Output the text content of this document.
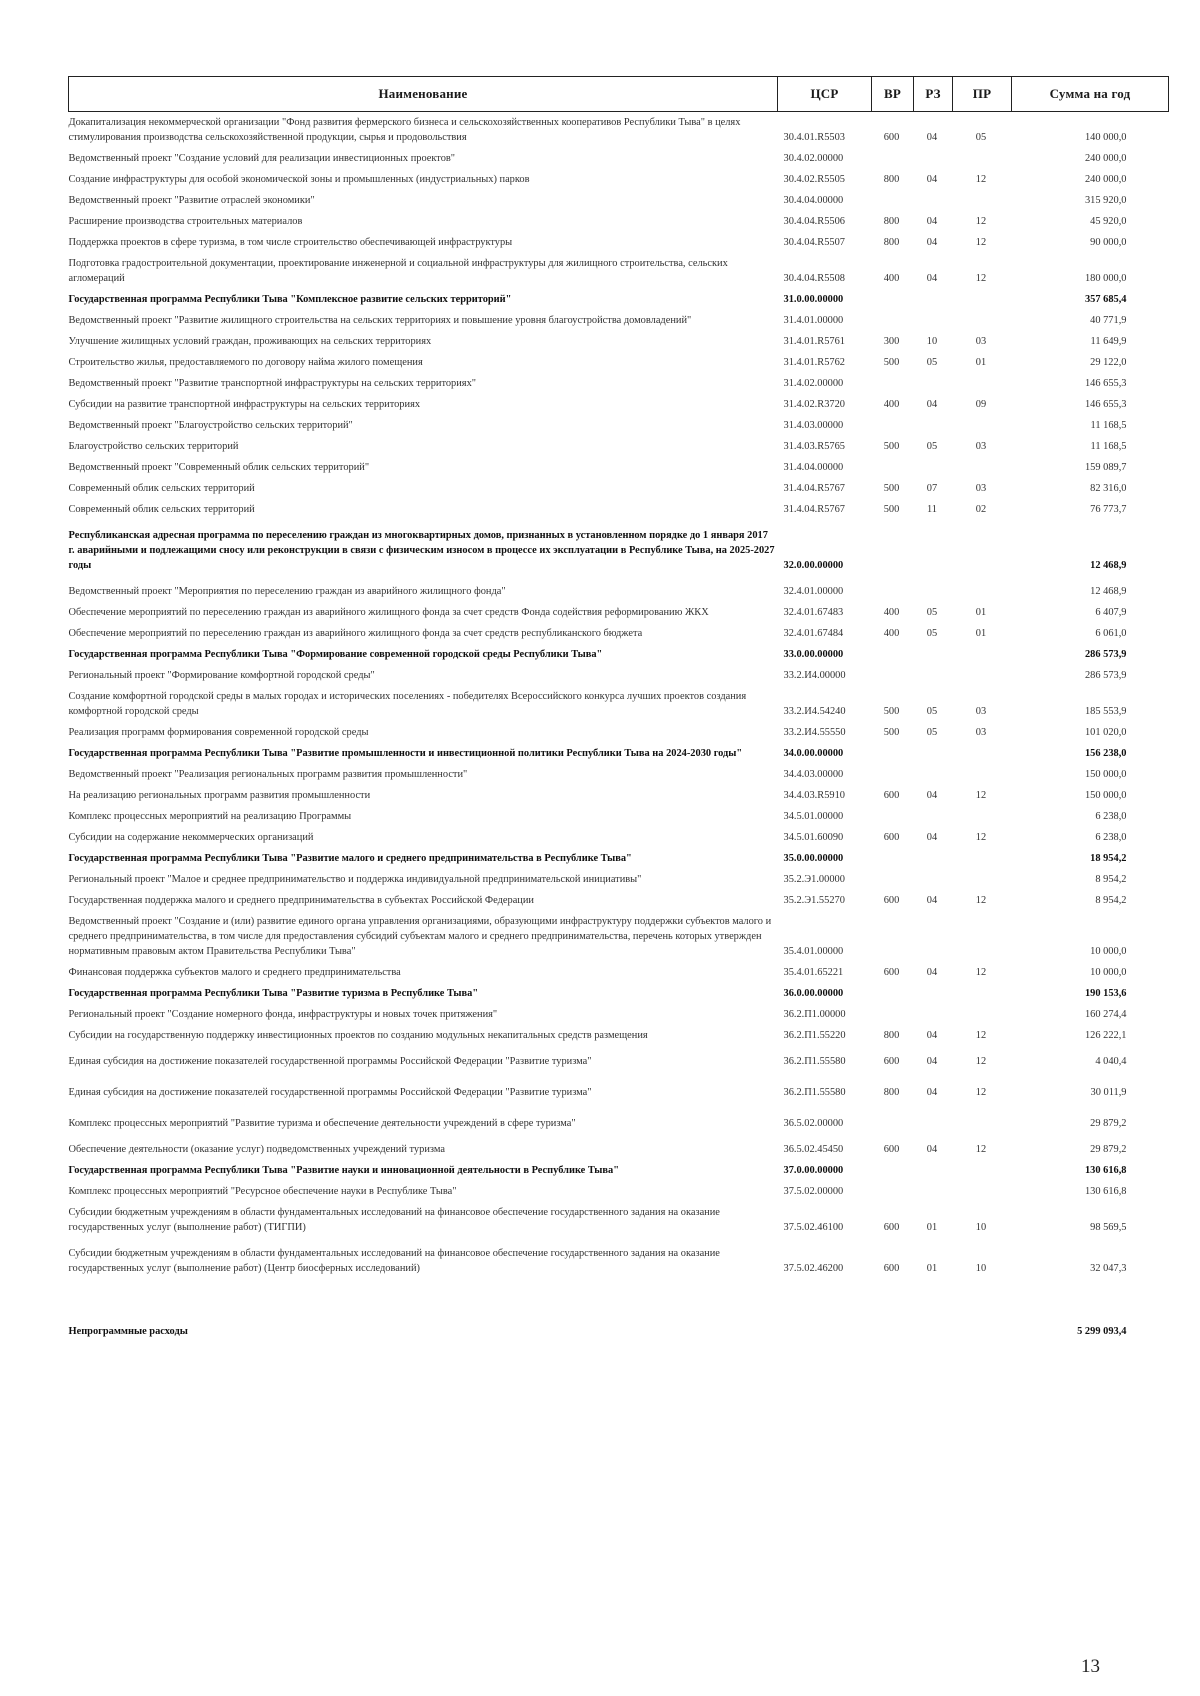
Наименование	ЦСР	ВР	РЗ	ПР	Сумма на год
Докапитализация некоммерческой организации "Фонд развития фермерского бизнеса и сельскохозяйственных кооперативов Республики Тыва" в целях стимулирования производства сельскохозяйственной продукции, сырья и продовольствия	30.4.01.R5503	600	04	05	140 000,0
Ведомственный проект "Создание условий для реализации инвестиционных проектов"	30.4.02.00000				240 000,0
Создание инфраструктуры для особой экономической зоны и промышленных (индустриальных) парков	30.4.02.R5505	800	04	12	240 000,0
Ведомственный проект "Развитие отраслей экономики"	30.4.04.00000				315 920,0
Расширение производства строительных материалов	30.4.04.R5506	800	04	12	45 920,0
Поддержка проектов в сфере туризма, в том числе строительство обеспечивающей инфраструктуры	30.4.04.R5507	800	04	12	90 000,0
Подготовка градостроительной документации, проектирование инженерной и социальной инфраструктуры для жилищного строительства, сельских агломераций	30.4.04.R5508	400	04	12	180 000,0
Государственная программа Республики Тыва "Комплексное развитие сельских территорий"	31.0.00.00000				357 685,4
Ведомственный проект "Развитие жилищного строительства на сельских территориях и повышение уровня благоустройства домовладений"	31.4.01.00000				40 771,9
Улучшение жилищных условий граждан, проживающих на сельских территориях	31.4.01.R5761	300	10	03	11 649,9
Строительство жилья, предоставляемого по договору найма жилого помещения	31.4.01.R5762	500	05	01	29 122,0
Ведомственный проект "Развитие транспортной инфраструктуры на сельских территориях"	31.4.02.00000				146 655,3
Субсидии на развитие транспортной инфраструктуры на сельских территориях	31.4.02.R3720	400	04	09	146 655,3
Ведомственный проект "Благоустройство сельских территорий"	31.4.03.00000				11 168,5
Благоустройство сельских территорий	31.4.03.R5765	500	05	03	11 168,5
Ведомственный проект "Современный облик сельских территорий"	31.4.04.00000				159 089,7
Современный облик сельских территорий	31.4.04.R5767	500	07	03	82 316,0
Современный облик сельских территорий	31.4.04.R5767	500	11	02	76 773,7
Республиканская адресная программа по переселению граждан из многоквартирных домов, признанных в установленном порядке до 1 января 2017 г. аварийными и подлежащими сносу или реконструкции в связи с физическим износом в процессе их эксплуатации в Республике Тыва, на 2025-2027 годы	32.0.00.00000				12 468,9
Ведомственный проект "Мероприятия по переселению граждан из аварийного жилищного фонда"	32.4.01.00000				12 468,9
Обеспечение мероприятий по переселению граждан из аварийного жилищного фонда за счет средств Фонда содействия реформированию ЖКХ	32.4.01.67483	400	05	01	6 407,9
Обеспечение мероприятий по переселению граждан из аварийного жилищного фонда за счет средств республиканского бюджета	32.4.01.67484	400	05	01	6 061,0
Государственная программа Республики Тыва "Формирование современной городской среды Республики Тыва"	33.0.00.00000				286 573,9
Региональный проект "Формирование комфортной городской среды"	33.2.И4.00000				286 573,9
Создание комфортной городской среды в малых городах и исторических поселениях - победителях Всероссийского конкурса лучших проектов создания комфортной городской среды	33.2.И4.54240	500	05	03	185 553,9
Реализация программ формирования современной городской среды	33.2.И4.55550	500	05	03	101 020,0
Государственная программа Республики Тыва "Развитие промышленности и инвестиционной политики Республики Тыва на 2024-2030 годы"	34.0.00.00000				156 238,0
Ведомственный проект "Реализация региональных программ развития промышленности"	34.4.03.00000				150 000,0
На реализацию региональных программ развития промышленности	34.4.03.R5910	600	04	12	150 000,0
Комплекс процессных мероприятий на реализацию Программы	34.5.01.00000				6 238,0
Субсидии на содержание некоммерческих организаций	34.5.01.60090	600	04	12	6 238,0
Государственная программа Республики Тыва "Развитие малого и среднего предпринимательства в Республике Тыва"	35.0.00.00000				18 954,2
Региональный проект "Малое и среднее предпринимательство и поддержка индивидуальной предпринимательской инициативы"	35.2.Э1.00000				8 954,2
Государственная поддержка малого и среднего предпринимательства в субъектах Российской Федерации	35.2.Э1.55270	600	04	12	8 954,2
Ведомственный проект "Создание и (или) развитие единого органа управления организациями, образующими инфраструктуру поддержки субъектов малого и среднего предпринимательства, в том числе для предоставления субсидий субъектам малого и среднего предпринимательства, перечень которых утвержден нормативным правовым актом Правительства Республики Тыва"	35.4.01.00000				10 000,0
Финансовая поддержка субъектов малого и среднего предпринимательства	35.4.01.65221	600	04	12	10 000,0
Государственная программа Республики Тыва "Развитие туризма в Республике Тыва"	36.0.00.00000				190 153,6
Региональный проект "Создание номерного фонда, инфраструктуры и новых точек притяжения"	36.2.П1.00000				160 274,4
Субсидии на государственную поддержку инвестиционных проектов по созданию модульных некапитальных средств размещения	36.2.П1.55220	800	04	12	126 222,1
Единая субсидия на достижение показателей государственной программы Российской Федерации "Развитие туризма"	36.2.П1.55580	600	04	12	4 040,4
Единая субсидия на достижение показателей государственной программы Российской Федерации "Развитие туризма"	36.2.П1.55580	800	04	12	30 011,9
Комплекс процессных мероприятий "Развитие туризма и обеспечение деятельности учреждений в сфере туризма"	36.5.02.00000				29 879,2
Обеспечение деятельности (оказание услуг) подведомственных учреждений туризма	36.5.02.45450	600	04	12	29 879,2
Государственная программа Республики Тыва "Развитие науки и инновационной деятельности в Республике Тыва"	37.0.00.00000				130 616,8
Комплекс процессных мероприятий "Ресурсное обеспечение науки в Республике Тыва"	37.5.02.00000				130 616,8
Субсидии бюджетным учреждениям в области фундаментальных исследований на финансовое обеспечение государственного задания на оказание государственных услуг (выполнение работ) (ТИГПИ)	37.5.02.46100	600	01	10	98 569,5
Субсидии бюджетным учреждениям в области фундаментальных исследований на финансовое обеспечение государственного задания на оказание государственных услуг (выполнение работ) (Центр биосферных исследований)	37.5.02.46200	600	01	10	32 047,3
Непрограммные расходы					5 299 093,4
13
